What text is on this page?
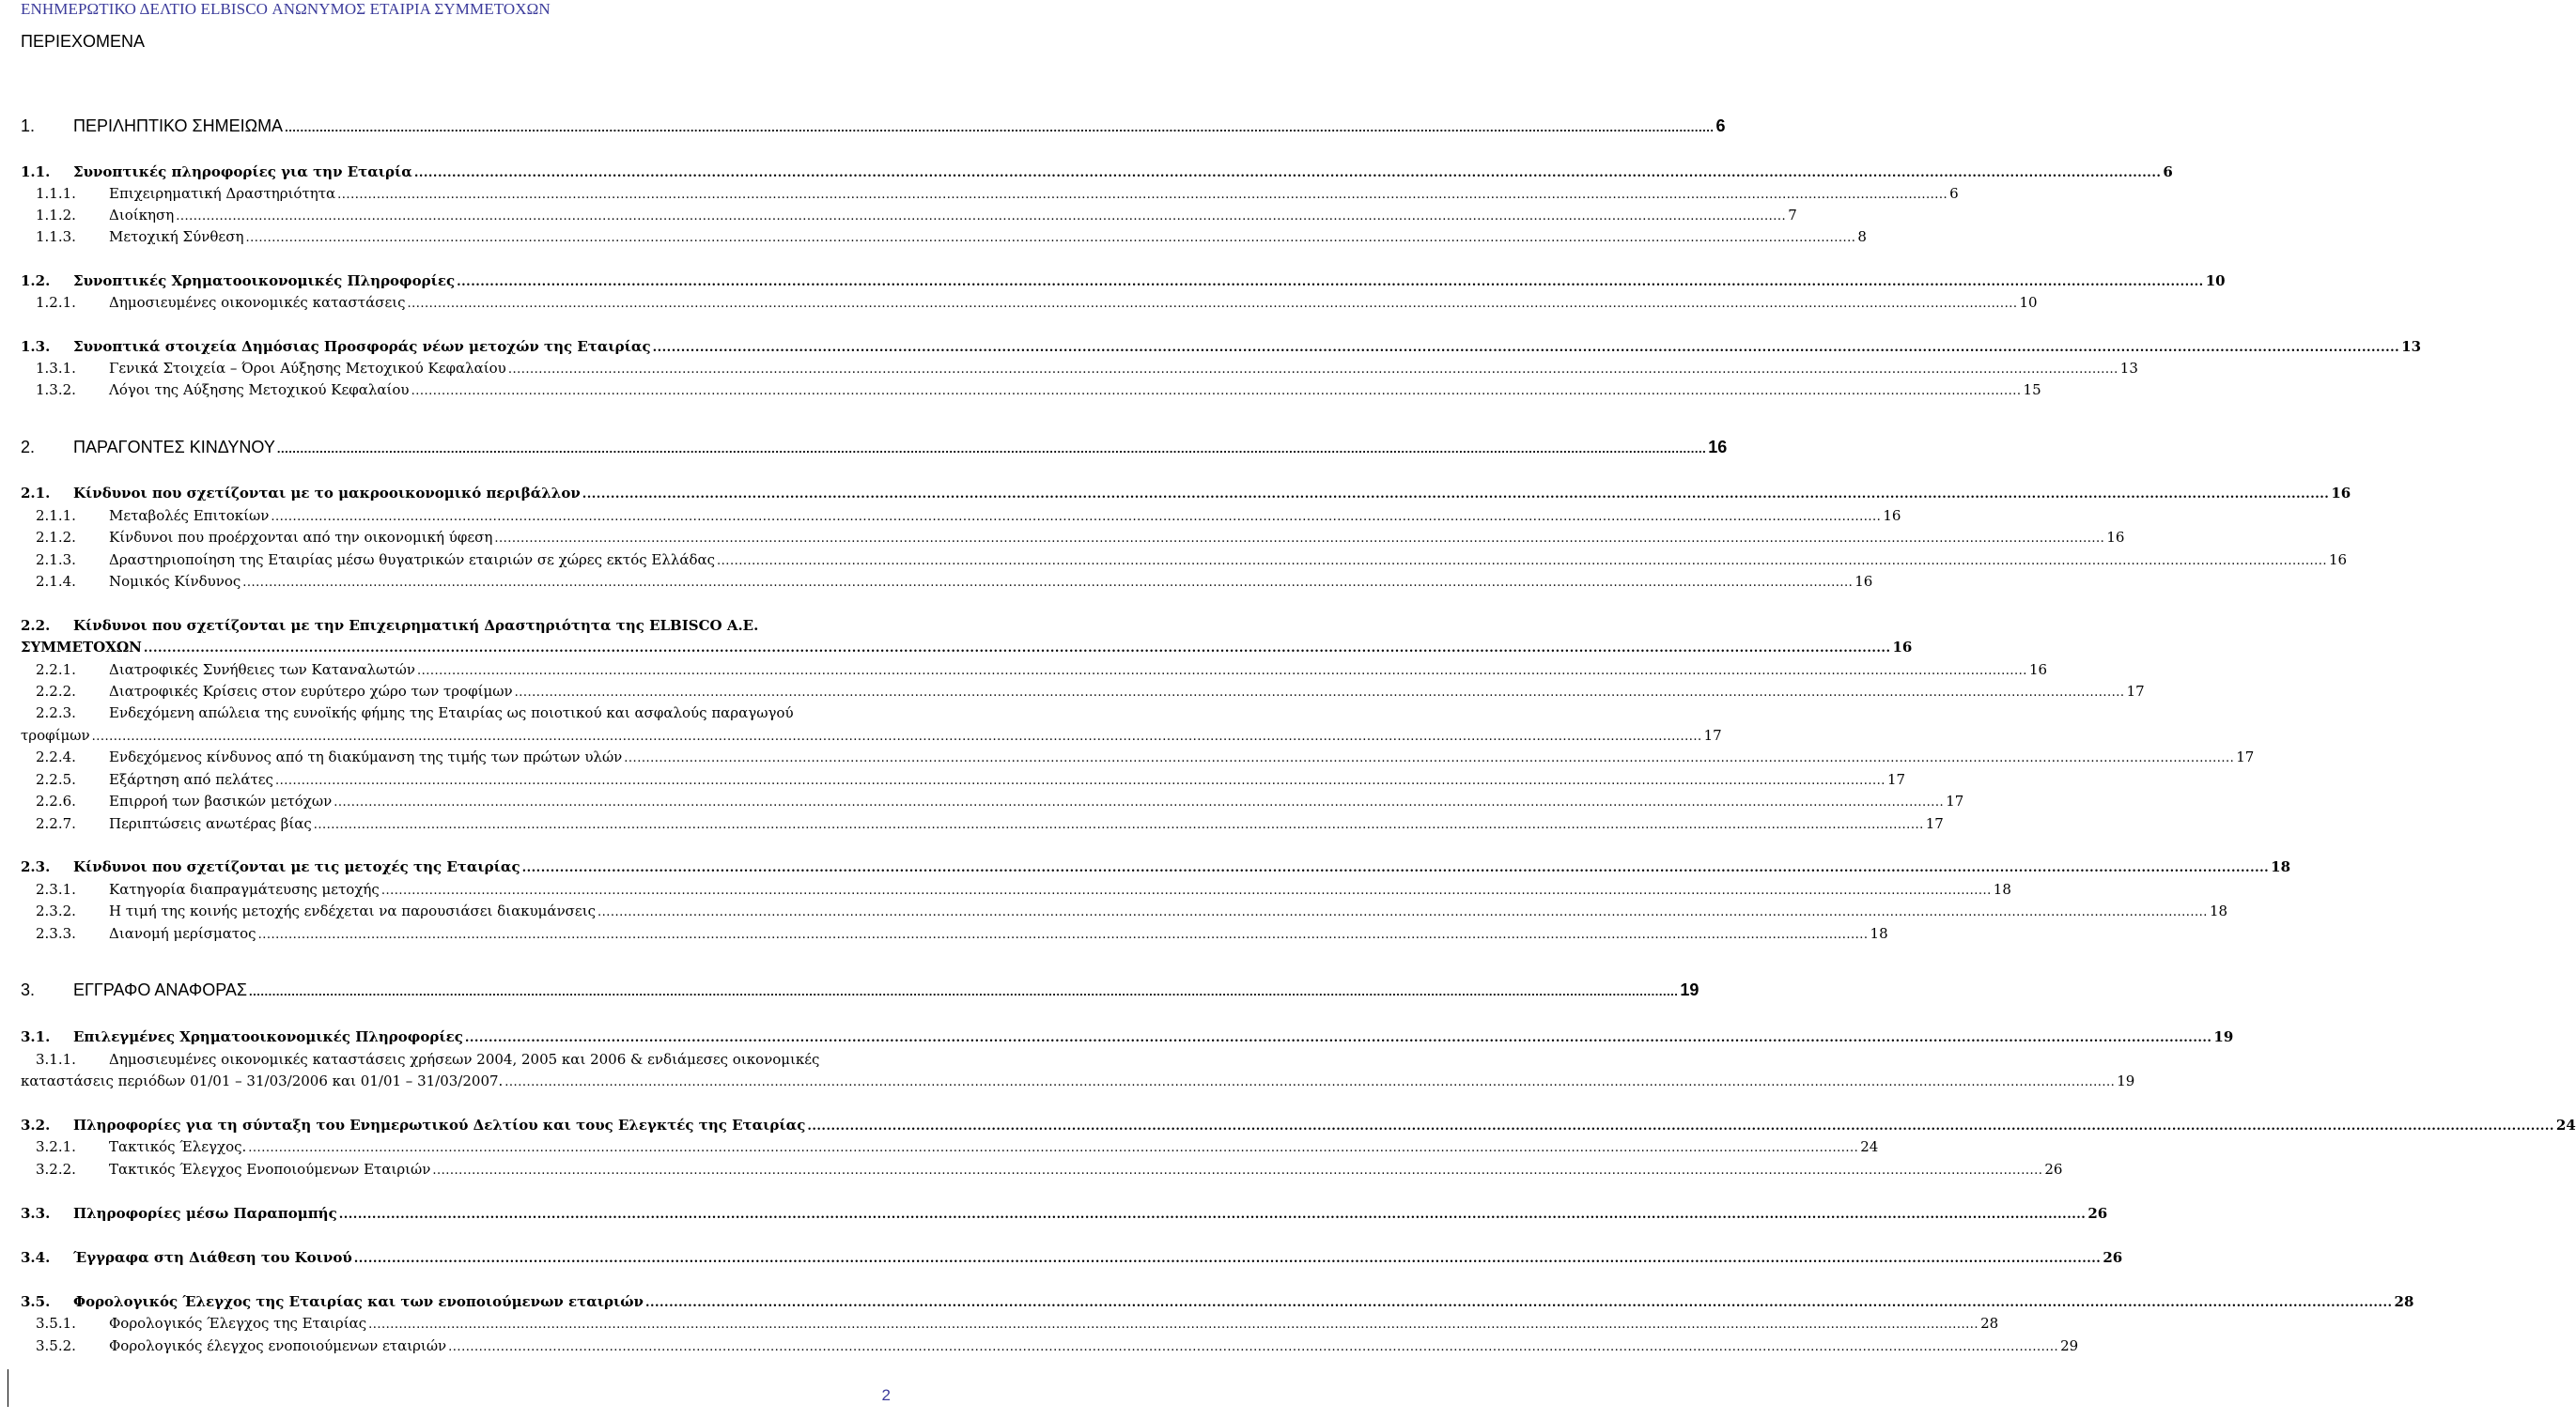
ΕΝΗΜΕΡΩΤΙΚΟ ΔΕΛΤΙΟ ELBISCO ΑΝΩΝΥΜΟΣ ΕΤΑΙΡΙΑ ΣΥΜΜΕΤΟΧΩΝ
ΠΕΡΙΕΧΟΜΕΝΑ
1.	ΠΕΡΙΛΗΠΤΙΚΟ ΣΗΜΕΙΩΜΑ .....	6
1.1.	Συνοπτικές πληροφορίες για την Εταιρία .....	6
1.1.1.	Επιχειρηματική Δραστηριότητα .....	6
1.1.2.	Διοίκηση .....	7
1.1.3.	Μετοχική Σύνθεση .....	8
1.2.	Συνοπτικές Χρηματοοικονομικές Πληροφορίες .....	10
1.2.1.	Δημοσιευμένες οικονομικές καταστάσεις .....	10
1.3.	Συνοπτικά στοιχεία Δημόσιας Προσφοράς νέων μετοχών της Εταιρίας .....	13
1.3.1.	Γενικά Στοιχεία – Όροι Αύξησης Μετοχικού Κεφαλαίου .....	13
1.3.2.	Λόγοι της Αύξησης Μετοχικού Κεφαλαίου .....	15
2.	ΠΑΡΑΓΟΝΤΕΣ ΚΙΝΔΥΝΟΥ .....	16
2.1.	Κίνδυνοι που σχετίζονται με το μακροοικονομικό περιβάλλον .....	16
2.1.1.	Μεταβολές Επιτοκίων .....	16
2.1.2.	Κίνδυνοι που προέρχονται από την οικονομική ύφεση .....	16
2.1.3.	Δραστηριοποίηση της Εταιρίας μέσω θυγατρικών εταιριών σε χώρες εκτός Ελλάδας .....	16
2.1.4.	Νομικός Κίνδυνος .....	16
2.2. Κίνδυνοι που σχετίζονται με την Επιχειρηματική Δραστηριότητα της ELBISCO Α.Ε.
ΣΥΜΜΕΤΟΧΩΝ .....	16
2.2.1.	Διατροφικές Συνήθειες των Καταναλωτών .....	16
2.2.2.	Διατροφικές Κρίσεις στον ευρύτερο χώρο των τροφίμων .....	17
2.2.3. Ενδεχόμενη απώλεια της ευνοϊκής φήμης της Εταιρίας ως ποιοτικού και ασφαλούς παραγωγού
τροφίμων .....	17
2.2.4.	Ενδεχόμενος κίνδυνος από τη διακύμανση της τιμής των πρώτων υλών .....	17
2.2.5.	Εξάρτηση από πελάτες .....	17
2.2.6.	Επιρροή των βασικών μετόχων .....	17
2.2.7.	Περιπτώσεις ανωτέρας βίας .....	17
2.3.	Κίνδυνοι που σχετίζονται με τις μετοχές της Εταιρίας .....	18
2.3.1.	Κατηγορία διαπραγμάτευσης μετοχής .....	18
2.3.2.	Η τιμή της κοινής μετοχής ενδέχεται να παρουσιάσει διακυμάνσεις .....	18
2.3.3.	Διανομή μερίσματος .....	18
3.	ΕΓΓΡΑΦΟ ΑΝΑΦΟΡΑΣ .....	19
3.1.	Επιλεγμένες Χρηματοοικονομικές Πληροφορίες .....	19
3.1.1. Δημοσιευμένες οικονομικές καταστάσεις χρήσεων 2004, 2005 και 2006 & ενδιάμεσες οικονομικές
καταστάσεις περιόδων 01/01 – 31/03/2006 και 01/01 – 31/03/2007. .....	19
3.2.	Πληροφορίες για τη σύνταξη του Ενημερωτικού Δελτίου και τους Ελεγκτές της Εταιρίας .....	24
3.2.1.	Τακτικός Έλεγχος. .....	24
3.2.2.	Τακτικός Έλεγχος Ενοποιούμενων Εταιριών .....	26
3.3.	Πληροφορίες μέσω Παραπομπής .....	26
3.4.	Έγγραφα στη Διάθεση του Κοινού .....	26
3.5.	Φορολογικός Έλεγχος της Εταιρίας και των ενοποιούμενων εταιριών .....	28
3.5.1.	Φορολογικός Έλεγχος της Εταιρίας .....	28
3.5.2.	Φορολογικός έλεγχος ενοποιούμενων εταιριών .....	29
2
